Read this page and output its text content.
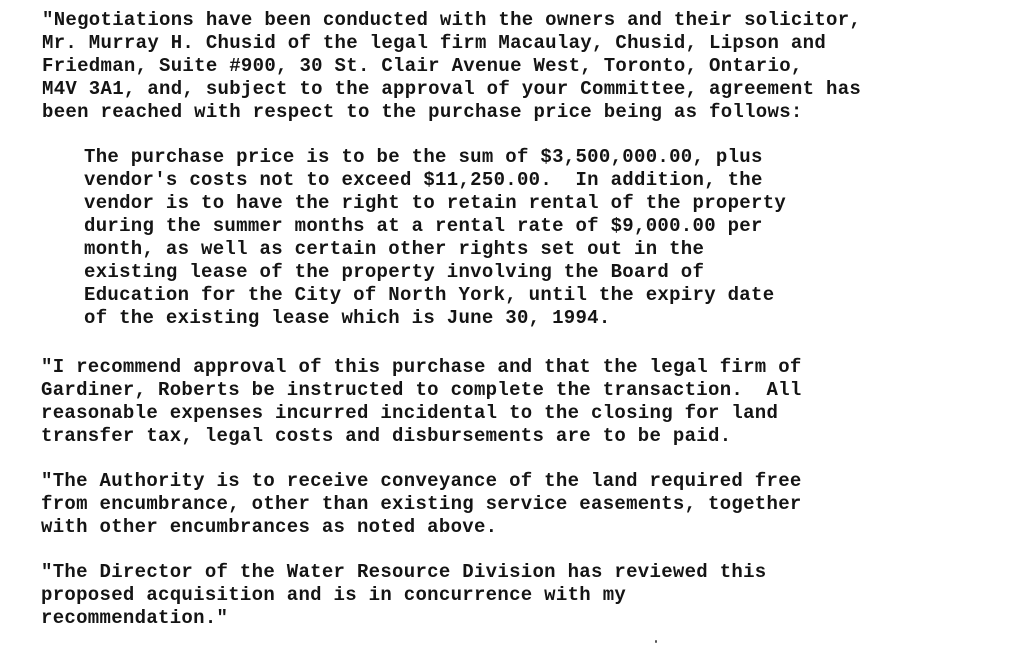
"Negotiations have been conducted with the owners and their solicitor,
Mr. Murray H. Chusid of the legal firm Macaulay, Chusid, Lipson and
Friedman, Suite #900, 30 St. Clair Avenue West, Toronto, Ontario,
M4V 3A1, and, subject to the approval of your Committee, agreement has
been reached with respect to the purchase price being as follows:
The purchase price is to be the sum of $3,500,000.00, plus
vendor's costs not to exceed $11,250.00.  In addition, the
vendor is to have the right to retain rental of the property
during the summer months at a rental rate of $9,000.00 per
month, as well as certain other rights set out in the
existing lease of the property involving the Board of
Education for the City of North York, until the expiry date
of the existing lease which is June 30, 1994.
"I recommend approval of this purchase and that the legal firm of
Gardiner, Roberts be instructed to complete the transaction.  All
reasonable expenses incurred incidental to the closing for land
transfer tax, legal costs and disbursements are to be paid.
"The Authority is to receive conveyance of the land required free
from encumbrance, other than existing service easements, together
with other encumbrances as noted above.
"The Director of the Water Resource Division has reviewed this
proposed acquisition and is in concurrence with my
recommendation."
